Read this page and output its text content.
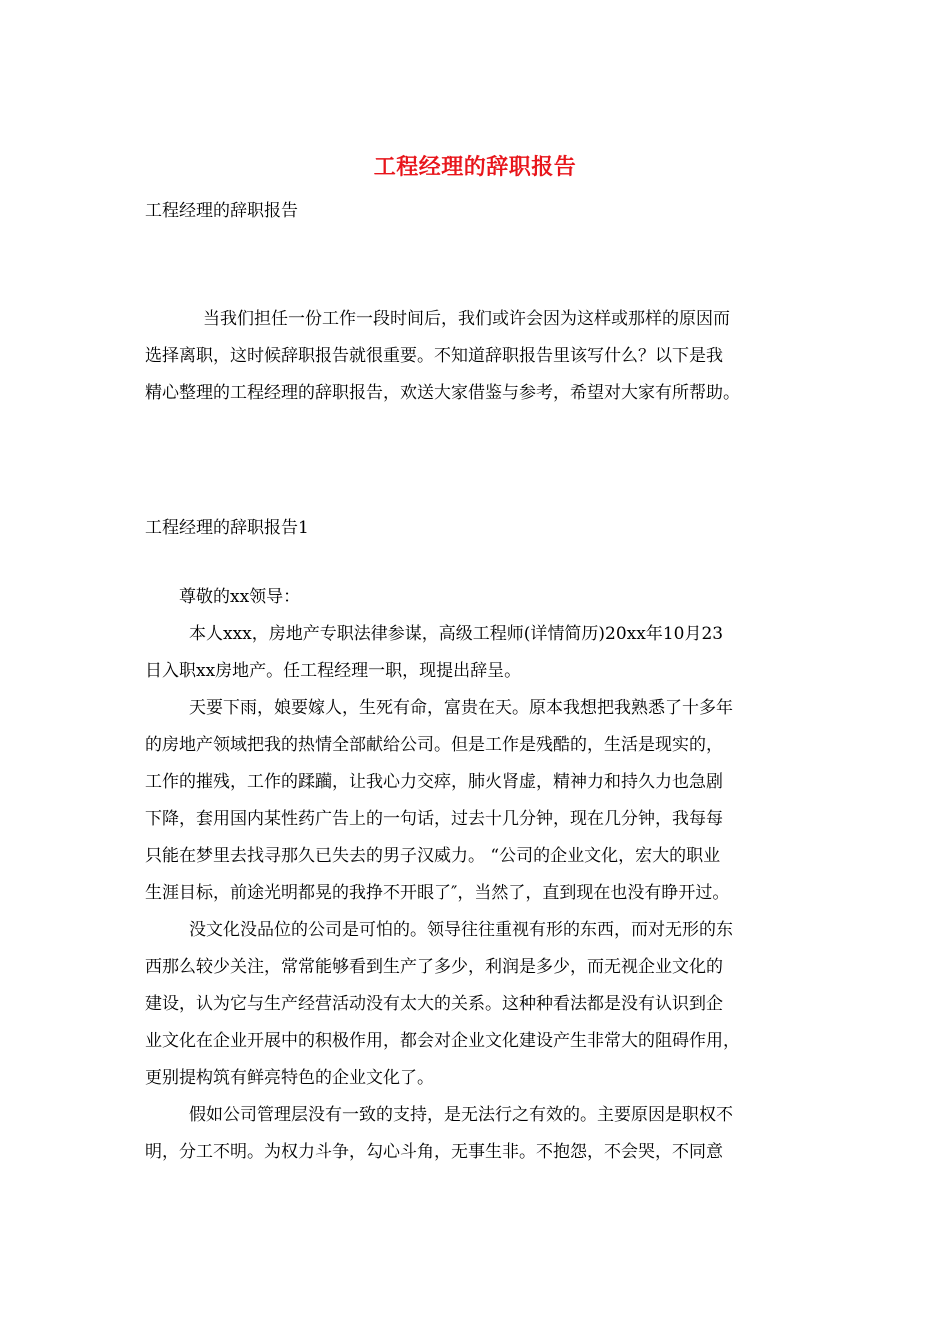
工程经理的辞职报告

工程经理的辞职报告

当我们担任一份工作一段时间后，我们或许会因为这样或那样的原因而
选择离职，这时候辞职报告就很重要。不知道辞职报告里该写什么？以下是我
精心整理的工程经理的辞职报告，欢送大家借鉴与参考，希望对大家有所帮助。

工程经理的辞职报告1

尊敬的xx领导：
本人xxx，房地产专职法律参谋，高级工程师(详情简历)20xx年10月23
日入职xx房地产。任工程经理一职，现提出辞呈。
天要下雨，娘要嫁人，生死有命，富贵在天。原本我想把我熟悉了十多年
的房地产领域把我的热情全部献给公司。但是工作是残酷的，生活是现实的，
工作的摧残，工作的蹂躏，让我心力交瘁，肺火肾虚，精神力和持久力也急剧
下降，套用国内某性药广告上的一句话，过去十几分钟，现在几分钟，我每每
只能在梦里去找寻那久已失去的男子汉威力。 “公司的企业文化，宏大的职业
生涯目标，前途光明都晃的我挣不开眼了″，当然了，直到现在也没有睁开过。
没文化没品位的公司是可怕的。领导往往重视有形的东西，而对无形的东
西那么较少关注，常常能够看到生产了多少，利润是多少，而无视企业文化的
建设，认为它与生产经营活动没有太大的关系。这种种看法都是没有认识到企
业文化在企业开展中的积极作用，都会对企业文化建设产生非常大的阻碍作用，
更别提构筑有鲜亮特色的企业文化了。
假如公司管理层没有一致的支持，是无法行之有效的。主要原因是职权不
明，分工不明。为权力斗争，勾心斗角，无事生非。不抱怨，不会哭，不同意
